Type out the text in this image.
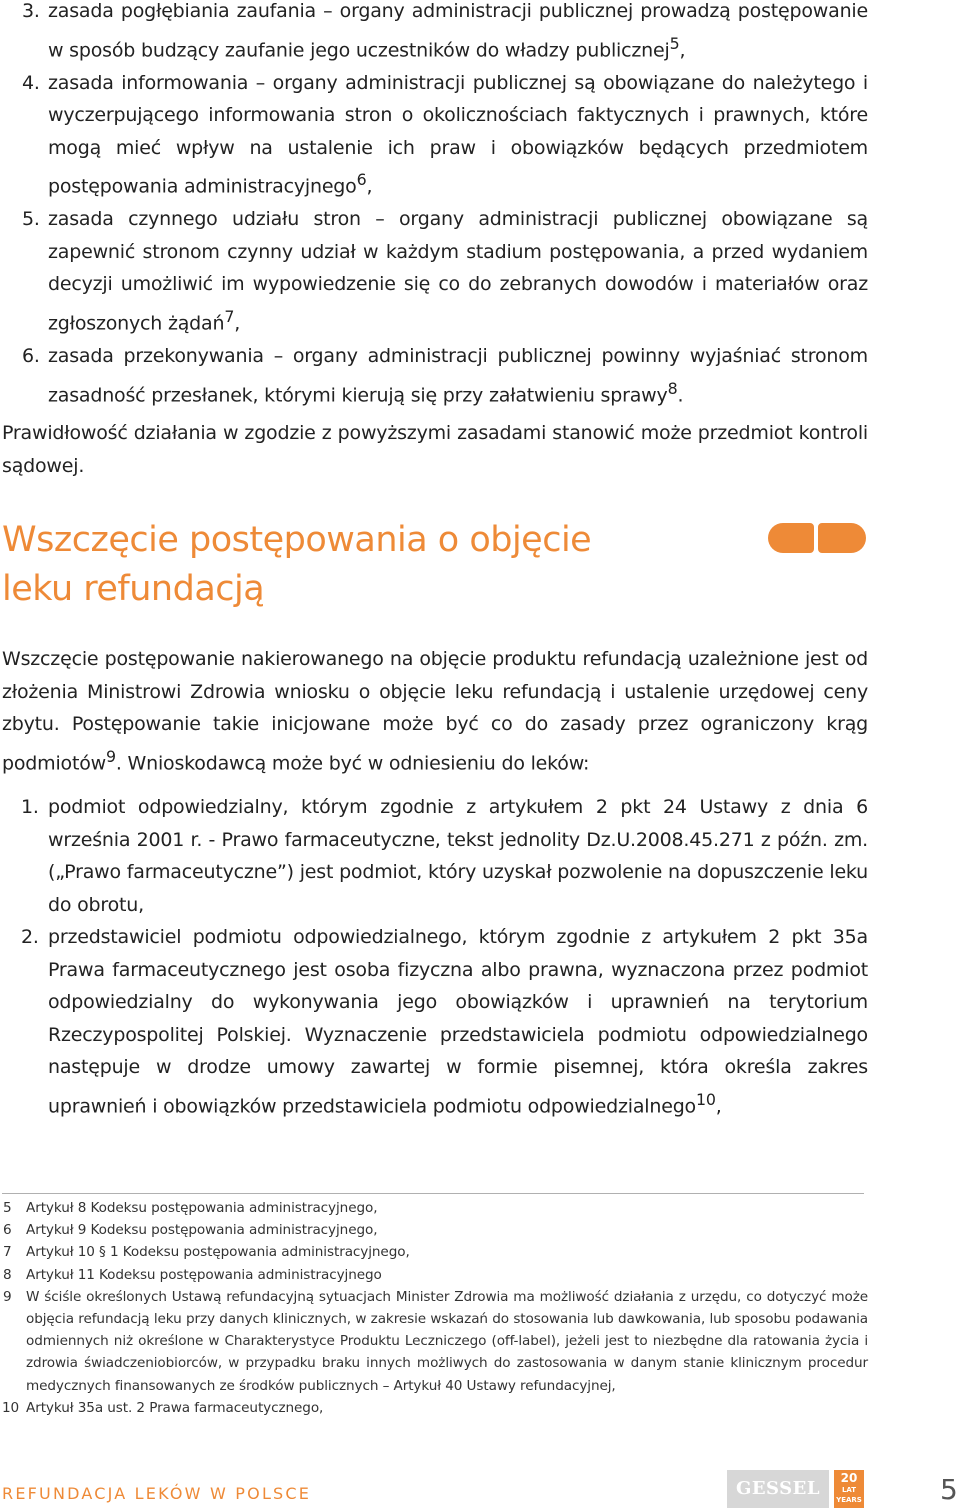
3. zasada pogłębiania zaufania – organy administracji publicznej prowadzą postępowanie w sposób budzący zaufanie jego uczestników do władzy publicznej$^5$,
4. zasada informowania – organy administracji publicznej są obowiązane do należytego i wyczerpującego informowania stron o okolicznościach faktycznych i prawnych, które mogą mieć wpływ na ustalenie ich praw i obowiązków będących przedmiotem postępowania administracyjnego$^6$,
5. zasada czynnego udziału stron – organy administracji publicznej obowiązane są zapewnić stronom czynny udział w każdym stadium postępowania, a przed wydaniem decyzji umożliwić im wypowiedzenie się co do zebranych dowodów i materiałów oraz zgłoszonych żądań$^7$,
6. zasada przekonywania – organy administracji publicznej powinny wyjaśniać stronom zasadność przesłanek, którymi kierują się przy załatwieniu sprawy$^8$.

Prawidłowość działania w zgodzie z powyższymi zasadami stanowić może przedmiot kontroli sądowej.

Wszczęcie postępowania o objęcie
leku refundacją

Wszczęcie postępowanie nakierowanego na objęcie produktu refundacją uzależnione jest od złożenia Ministrowi Zdrowia wniosku o objęcie leku refundacją i ustalenie urzędowej ceny zbytu. Postępowanie takie inicjowane może być co do zasady przez ograniczony krąg podmiotów$^9$. Wnioskodawcą może być w odniesieniu do leków:

1. podmiot odpowiedzialny, którym zgodnie z artykułem 2 pkt 24 Ustawy z dnia 6 września 2001 r. - Prawo farmaceutyczne, tekst jednolity Dz.U.2008.45.271 z późn. zm. („Prawo farmaceutyczne”) jest podmiot, który uzyskał pozwolenie na dopuszczenie leku do obrotu,
2. przedstawiciel podmiotu odpowiedzialnego, którym zgodnie z artykułem 2 pkt 35a Prawa farmaceutycznego jest osoba fizyczna albo prawna, wyznaczona przez podmiot odpowiedzialny do wykonywania jego obowiązków i uprawnień na terytorium Rzeczypospolitej Polskiej. Wyznaczenie przedstawiciela podmiotu odpowiedzialnego następuje w drodze umowy zawartej w formie pisemnej, która określa zakres uprawnień i obowiązków przedstawiciela podmiotu odpowiedzialnego$^{10}$,
5 Artykuł 8 Kodeksu postępowania administracyjnego,
6 Artykuł 9 Kodeksu postępowania administracyjnego,
7 Artykuł 10 § 1 Kodeksu postępowania administracyjnego,
8 Artykuł 11 Kodeksu postępowania administracyjnego
9 W ściśle określonych Ustawą refundacyjną sytuacjach Minister Zdrowia ma możliwość działania z urzędu, co dotyczyć może objęcia refundacją leku przy danych klinicznych, w zakresie wskazań do stosowania lub dawkowania, lub sposobu podawania odmiennych niż określone w Charakterystyce Produktu Leczniczego (off-label), jeżeli jest to niezbędne dla ratowania życia i zdrowia świadczeniobiorców, w przypadku braku innych możliwych do zastosowania w danym stanie klinicznym procedur medycznych finansowanych ze środków publicznych – Artykuł 40 Ustawy refundacyjnej,
10 Artykuł 35a ust. 2 Prawa farmaceutycznego,

REFUNDACJA LEKÓW W POLSCE	GESSEL	20
LAT
YEARS	5
